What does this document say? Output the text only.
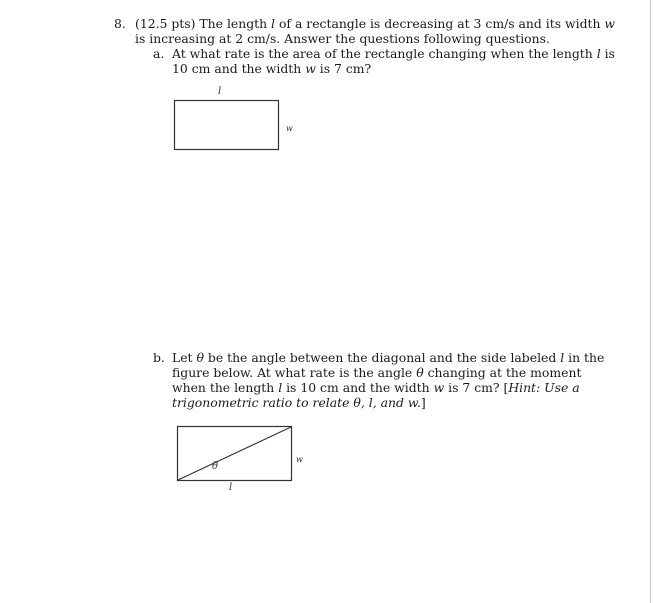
8. (12.5 pts) The length l of a rectangle is decreasing at 3 cm/s and its width w
is increasing at 2 cm/s. Answer the questions following questions.
a. At what rate is the area of the rectangle changing when the length l is
10 cm and the width w is 7 cm?
l
w
b. Let θ be the angle between the diagonal and the side labeled l in the
figure below. At what rate is the angle θ changing at the moment
when the length l is 10 cm and the width w is 7 cm? [Hint: Use a
trigonometric ratio to relate θ, l, and w.]
θ
w
l
